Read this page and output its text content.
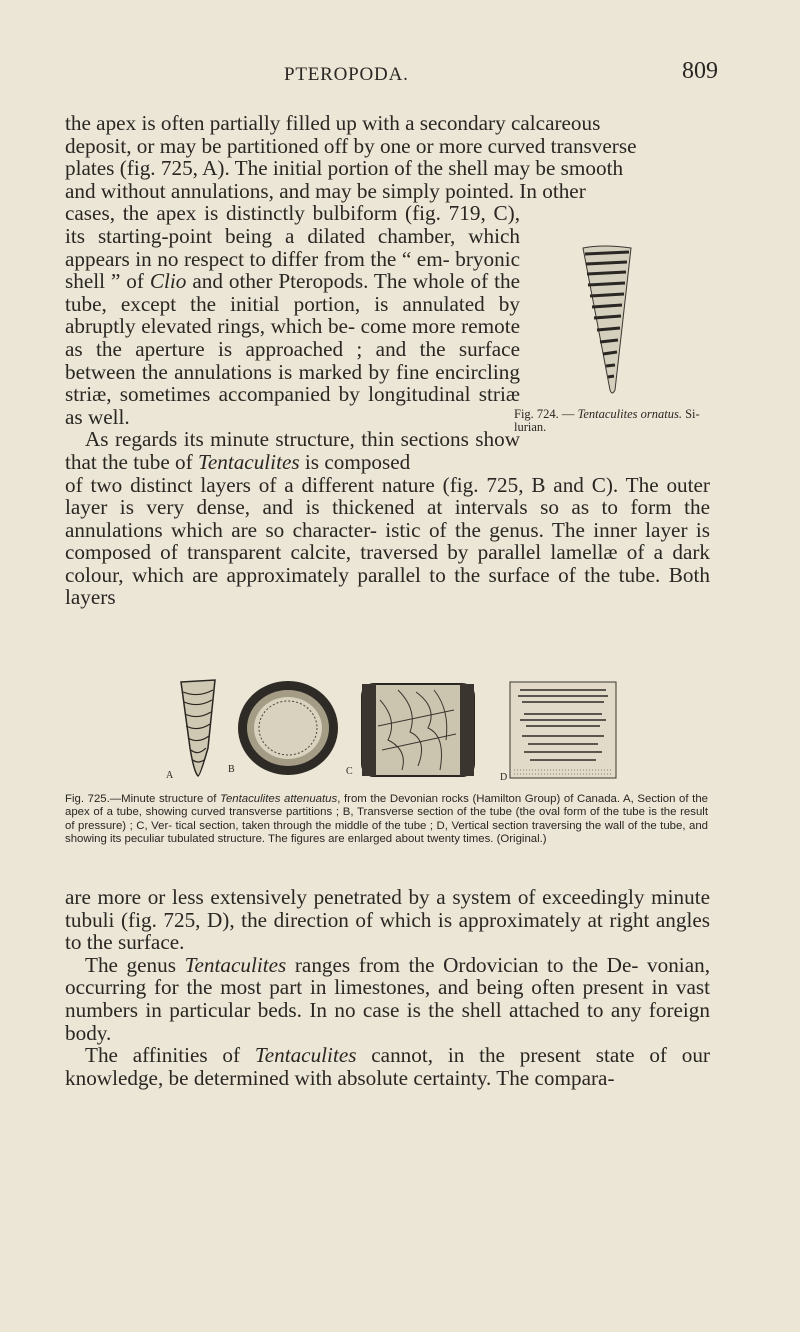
PTEROPODA.	809

the apex is often partially filled up with a secondary calcareous

deposit, or may be partitioned off by one or more curved transverse

plates (fig. 725, A). The initial portion of the shell may be smooth

and without annulations, and may be simply pointed. In other

cases, the apex is distinctly bulbiform (fig. 719, C), its starting-point being a dilated chamber, which appears in no respect to differ from the “ em- bryonic shell ” of Clio and other Pteropods. The whole of the tube, except the initial portion, is annulated by abruptly elevated rings, which be- come more remote as the aperture is approached ; and the surface between the annulations is marked by fine encircling striæ, sometimes accompanied by longitudinal striæ as well.

As regards its minute structure, thin sections show that the tube of Tentaculites is composed

of two distinct layers of a different nature (fig. 725, B and C). The outer layer is very dense, and is thickened at intervals so as to form the annulations which are so character- istic of the genus. The inner layer is composed of transparent calcite, traversed by parallel lamellæ of a dark colour, which are approximately parallel to the surface of the tube. Both layers

Fig. 724. — Tentaculites ornatus. Si- lurian.
A
B	C
D
Fig. 725.—Minute structure of Tentaculites attenuatus, from the Devonian rocks (Hamilton Group) of Canada. A, Section of the apex of a tube, showing curved transverse partitions ; B, Transverse section of the tube (the oval form of the tube is the result of pressure) ; C, Ver- tical section, taken through the middle of the tube ; D, Vertical section traversing the wall of the tube, and showing its peculiar tubulated structure. The figures are enlarged about twenty times. (Original.)

are more or less extensively penetrated by a system of exceedingly minute tubuli (fig. 725, D), the direction of which is approximately at right angles to the surface.

The genus Tentaculites ranges from the Ordovician to the De- vonian, occurring for the most part in limestones, and being often present in vast numbers in particular beds. In no case is the shell attached to any foreign body.

The affinities of Tentaculites cannot, in the present state of our knowledge, be determined with absolute certainty. The compara-
